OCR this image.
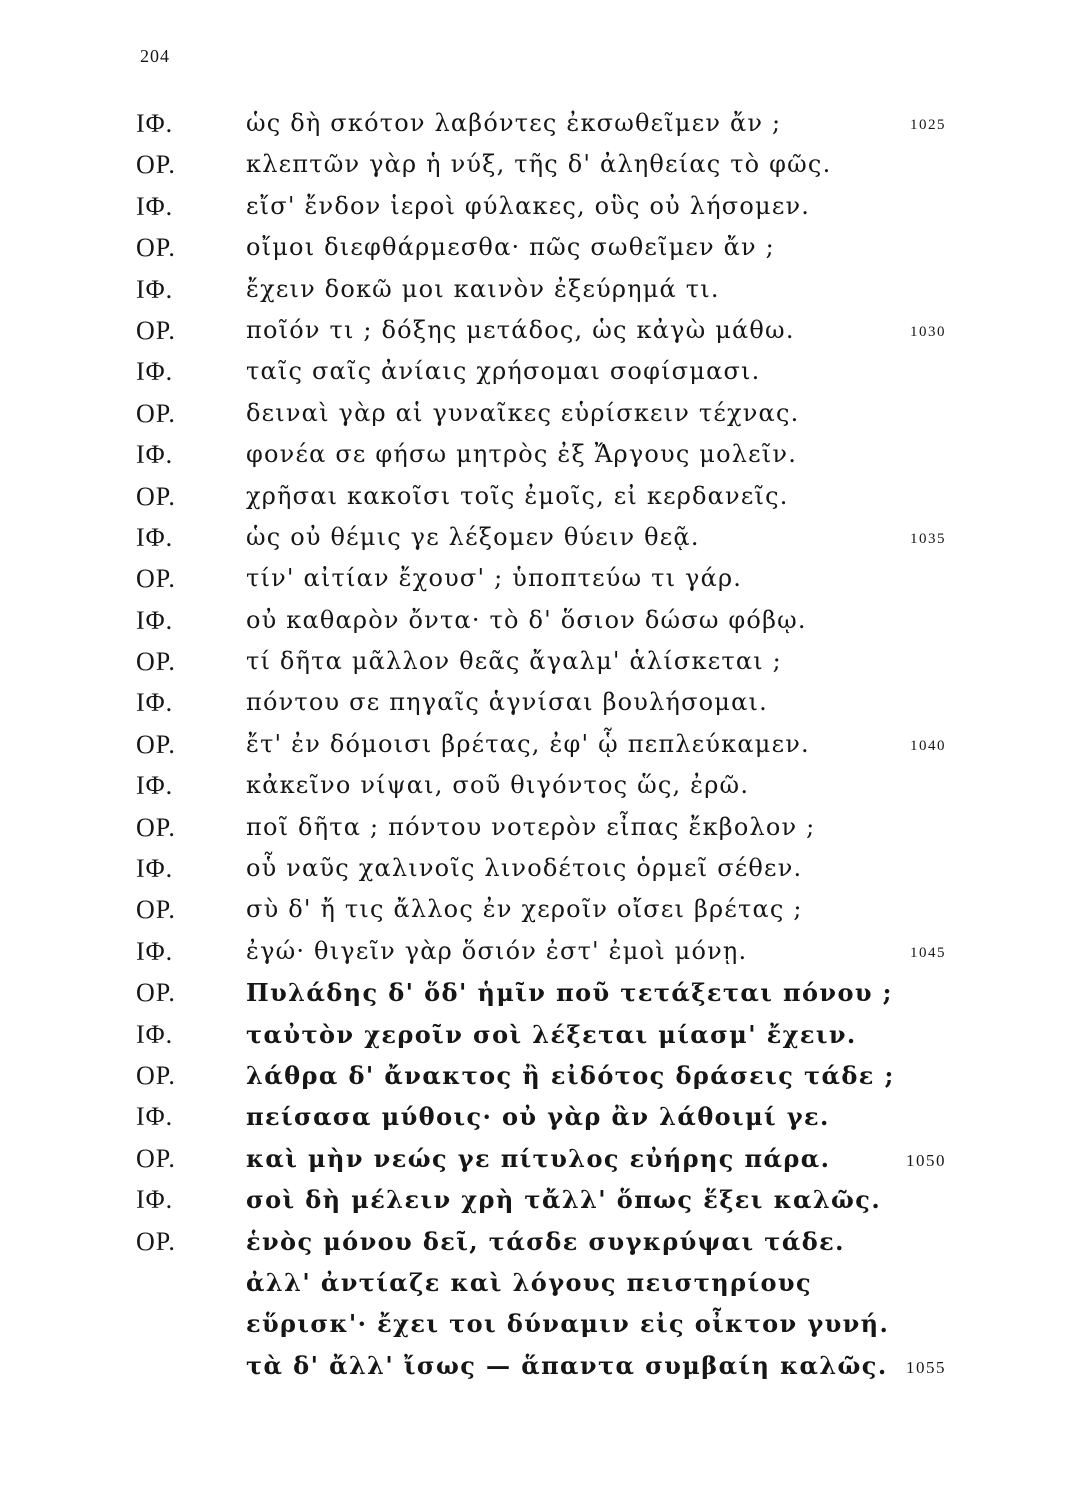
204
ΙΦ.	ὡς δὴ σκότον λαβόντες ἐκσωθεῖμεν ἄν ;	1025
ΟΡ.	κλεπτῶν γὰρ ἡ νύξ, τῆς δ' ἀληθείας τὸ φῶς.
ΙΦ.	εἴσ' ἔνδον ἱεροὶ φύλακες, οὓς οὐ λήσομεν.
ΟΡ.	οἴμοι διεφθάρμεσθα· πῶς σωθεῖμεν ἄν ;
ΙΦ.	ἔχειν δοκῶ μοι καινὸν ἐξεύρημά τι.
ΟΡ.	ποῖόν τι ; δόξης μετάδος, ὡς κἀγὼ μάθω.	1030
ΙΦ.	ταῖς σαῖς ἀνίαις χρήσομαι σοφίσμασι.
ΟΡ.	δειναὶ γὰρ αἱ γυναῖκες εὑρίσκειν τέχνας.
ΙΦ.	φονέα σε φήσω μητρὸς ἐξ Ἄργους μολεῖν.
ΟΡ.	χρῆσαι κακοῖσι τοῖς ἐμοῖς, εἰ κερδανεῖς.
ΙΦ.	ὡς οὐ θέμις γε λέξομεν θύειν θεᾷ.	1035
ΟΡ.	τίν' αἰτίαν ἔχουσ' ; ὑποπτεύω τι γάρ.
ΙΦ.	οὐ καθαρὸν ὄντα· τὸ δ' ὅσιον δώσω φόβῳ.
ΟΡ.	τί δῆτα μᾶλλον θεᾶς ἄγαλμ' ἁλίσκεται ;
ΙΦ.	πόντου σε πηγαῖς ἁγνίσαι βουλήσομαι.
ΟΡ.	ἔτ' ἐν δόμοισι βρέτας, ἐφ' ᾧ πεπλεύκαμεν.	1040
ΙΦ.	κἀκεῖνο νίψαι, σοῦ θιγόντος ὥς, ἐρῶ.
ΟΡ.	ποῖ δῆτα ; πόντου νοτερὸν εἶπας ἔκβολον ;
ΙΦ.	οὗ ναῦς χαλινοῖς λινοδέτοις ὁρμεῖ σέθεν.
ΟΡ.	σὺ δ' ἤ τις ἄλλος ἐν χεροῖν οἴσει βρέτας ;
ΙΦ.	ἐγώ· θιγεῖν γὰρ ὅσιόν ἐστ' ἐμοὶ μόνῃ.	1045
ΟΡ.	Πυλάδης δ' ὅδ' ἡμῖν ποῦ τετάξεται πόνου ;
ΙΦ.	ταὐτὸν χεροῖν σοὶ λέξεται μίασμ' ἔχειν.
ΟΡ.	λάθρα δ' ἄνακτος ἢ εἰδότος δράσεις τάδε ;
ΙΦ.	πείσασα μύθοις· οὐ γὰρ ἂν λάθοιμί γε.
ΟΡ.	καὶ μὴν νεώς γε πίτυλος εὐήρης πάρα.	1050
ΙΦ.	σοὶ δὴ μέλειν χρὴ τἄλλ' ὅπως ἕξει καλῶς.
ΟΡ.	ἑνὸς μόνου δεῖ, τάσδε συγκρύψαι τάδε.
ἀλλ' ἀντίαζε καὶ λόγους πειστηρίους
εὕρισκ'· ἔχει τοι δύναμιν εἰς οἶκτον γυνή.
τὰ δ' ἄλλ' ἴσως — ἅπαντα συμβαίη καλῶς. 1055
